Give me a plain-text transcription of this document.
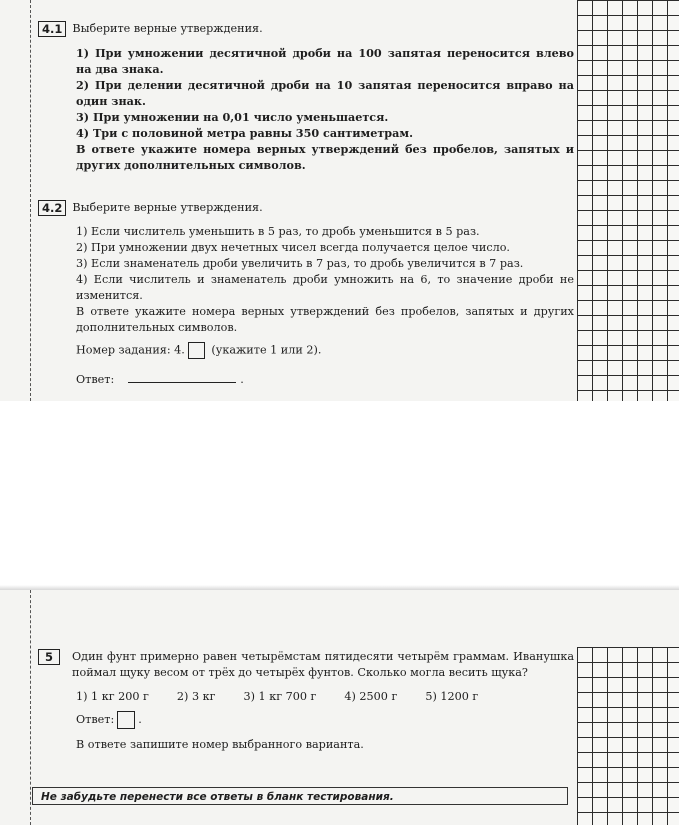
4.1 Выберите верные утверждения.
1) При умножении десятичной дроби на 100 запятая переносится влево на два знака.
2) При делении десятичной дроби на 10 запятая переносится вправо на один знак.
3) При умножении на 0,01 число уменьшается.
4) Три с половиной метра равны 350 сантиметрам.
В ответе укажите номера верных утверждений без пробелов, запятых и других дополнительных символов.
4.2 Выберите верные утверждения.
1) Если числитель уменьшить в 5 раз, то дробь уменьшится в 5 раз.
2) При умножении двух нечетных чисел всегда получается целое число.
3) Если знаменатель дроби увеличить в 7 раз, то дробь увеличится в 7 раз.
4) Если числитель и знаменатель дроби умножить на 6, то значение дроби не изменится.
В ответе укажите номера верных утверждений без пробелов, запятых и других дополнительных символов.
Номер задания: 4. (укажите 1 или 2).
Ответ:	.
5	Один фунт примерно равен четырёмстам пятидесяти четырём граммам. Иванушка поймал щуку весом от трёх до четырёх фунтов. Сколько могла весить щука?
1) 1 кг 200 г	2) 3 кг	3) 1 кг 700 г	4) 2500 г	5) 1200 г
Ответ: .
В ответе запишите номер выбранного варианта.
Не забудьте перенести все ответы в бланк тестирования.
